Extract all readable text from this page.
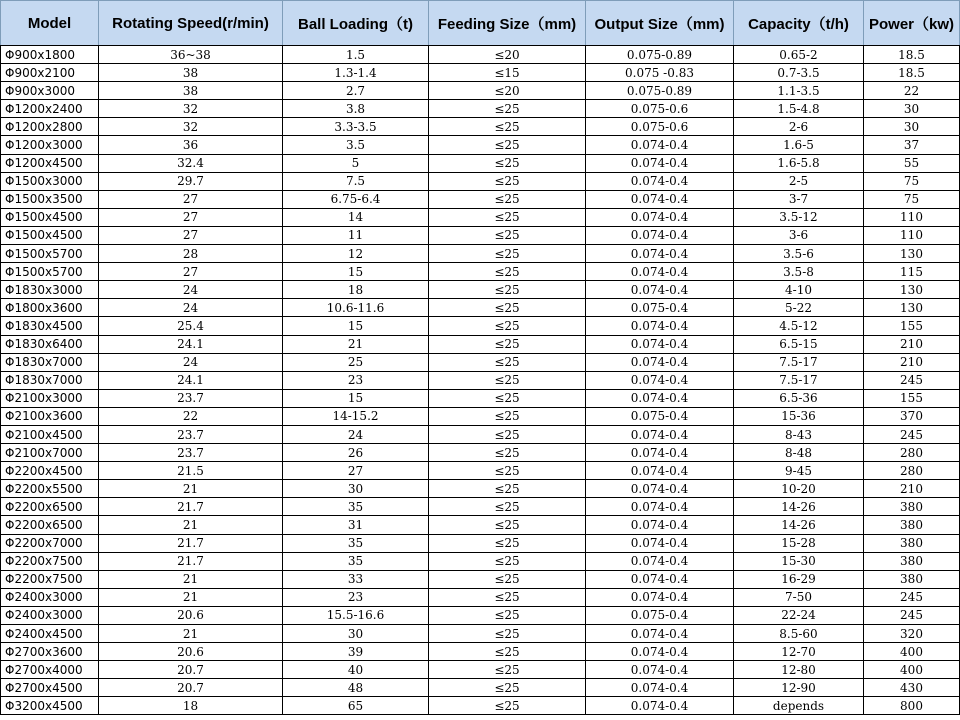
Model	Rotating Speed(r/min)	Ball Loading（t)	Feeding Size（mm)	Output Size（mm)	Capacity（t/h)	Power（kw)
Φ900x1800	36~38	1.5	≤20	0.075-0.89	0.65-2	18.5
Φ900x2100	38	1.3-1.4	≤15	0.075 -0.83	0.7-3.5	18.5
Φ900x3000	38	2.7	≤20	0.075-0.89	1.1-3.5	22
Φ1200x2400	32	3.8	≤25	0.075-0.6	1.5-4.8	30
Φ1200x2800	32	3.3-3.5	≤25	0.075-0.6	2-6	30
Φ1200x3000	36	3.5	≤25	0.074-0.4	1.6-5	37
Φ1200x4500	32.4	5	≤25	0.074-0.4	1.6-5.8	55
Φ1500x3000	29.7	7.5	≤25	0.074-0.4	2-5	75
Φ1500x3500	27	6.75-6.4	≤25	0.074-0.4	3-7	75
Φ1500x4500	27	14	≤25	0.074-0.4	3.5-12	110
Φ1500x4500	27	11	≤25	0.074-0.4	3-6	110
Φ1500x5700	28	12	≤25	0.074-0.4	3.5-6	130
Φ1500x5700	27	15	≤25	0.074-0.4	3.5-8	115
Φ1830x3000	24	18	≤25	0.074-0.4	4-10	130
Φ1800x3600	24	10.6-11.6	≤25	0.075-0.4	5-22	130
Φ1830x4500	25.4	15	≤25	0.074-0.4	4.5-12	155
Φ1830x6400	24.1	21	≤25	0.074-0.4	6.5-15	210
Φ1830x7000	24	25	≤25	0.074-0.4	7.5-17	210
Φ1830x7000	24.1	23	≤25	0.074-0.4	7.5-17	245
Φ2100x3000	23.7	15	≤25	0.074-0.4	6.5-36	155
Φ2100x3600	22	14-15.2	≤25	0.075-0.4	15-36	370
Φ2100x4500	23.7	24	≤25	0.074-0.4	8-43	245
Φ2100x7000	23.7	26	≤25	0.074-0.4	8-48	280
Φ2200x4500	21.5	27	≤25	0.074-0.4	9-45	280
Φ2200x5500	21	30	≤25	0.074-0.4	10-20	210
Φ2200x6500	21.7	35	≤25	0.074-0.4	14-26	380
Φ2200x6500	21	31	≤25	0.074-0.4	14-26	380
Φ2200x7000	21.7	35	≤25	0.074-0.4	15-28	380
Φ2200x7500	21.7	35	≤25	0.074-0.4	15-30	380
Φ2200x7500	21	33	≤25	0.074-0.4	16-29	380
Φ2400x3000	21	23	≤25	0.074-0.4	7-50	245
Φ2400x3000	20.6	15.5-16.6	≤25	0.075-0.4	22-24	245
Φ2400x4500	21	30	≤25	0.074-0.4	8.5-60	320
Φ2700x3600	20.6	39	≤25	0.074-0.4	12-70	400
Φ2700x4000	20.7	40	≤25	0.074-0.4	12-80	400
Φ2700x4500	20.7	48	≤25	0.074-0.4	12-90	430
Φ3200x4500	18	65	≤25	0.074-0.4	depends	800
